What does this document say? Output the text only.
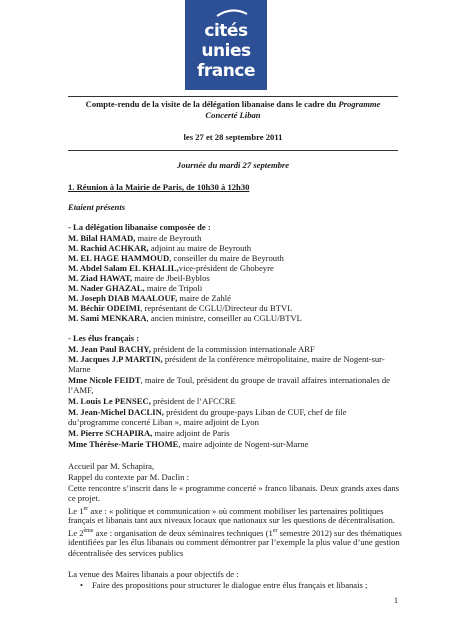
cités
unies
france
Compte-rendu de la visite de la délégation libanaise dans le cadre du Programme
Concerté Liban
les 27 et 28 septembre 2011
Journée du mardi 27 septembre
1. Réunion à la Mairie de Paris, de 10h30 à 12h30
Etaient présents
- La délégation libanaise composée de :
M. Bilal HAMAD, maire de Beyrouth
M. Rachid ACHKAR, adjoint au maire de Beyrouth
M. EL HAGE HAMMOUD, conseiller du maire de Beyrouth
M. Abdel Salam EL KHALIL,vice-président de Ghobeyre
M. Ziad HAWAT, maire de Jbeil-Byblos
M. Nader GHAZAL, maire de Tripoli
M. Joseph DIAB MAALOUF, maire de Zahlé
M. Béchir ODEIMI, représentant de CGLU/Directeur du BTVL
M. Sami MENKARA, ancien ministre, conseiller au CGLU/BTVL
- Les élus français :
M. Jean Paul BACHY, président de la commission internationale ARF
M. Jacques J.P MARTIN, président de la conférence métropolitaine, maire de Nogent-sur-
Marne
Mme Nicole FEIDT, maire de Toul, président du groupe de travail affaires internationales de
l’AMF,
M. Louis Le PENSEC, président de l’AFCCRE
M. Jean-Michel DACLIN, président du groupe-pays Liban de CUF, chef de file
du’programme concerté Liban », maire adjoint de Lyon
M. Pierre SCHAPIRA, maire adjoint de Paris
Mme Thérèse-Marie THOME, maire adjointe de Nogent-sur-Marne
Accueil par M. Schapira,
Rappel du contexte par M. Daclin :
Cette rencontre s’inscrit dans le « programme concerté » franco libanais. Deux grands axes dans
ce projet.
Le 1er axe : « politique et communication » où comment mobiliser les partenaires politiques
français et libanais tant aux niveaux locaux que nationaux sur les questions de décentralisation.
Le 2ème axe : organisation de deux séminaires techniques (1er semestre 2012) sur des thématiques
identifiées par les élus libanais ou comment démontrer par l’exemple la plus value d’une gestion
décentralisée des services publics
La venue des Maires libanais a pour objectifs de :
• Faire des propositions pour structurer le dialogue entre élus français et libanais ;
1
